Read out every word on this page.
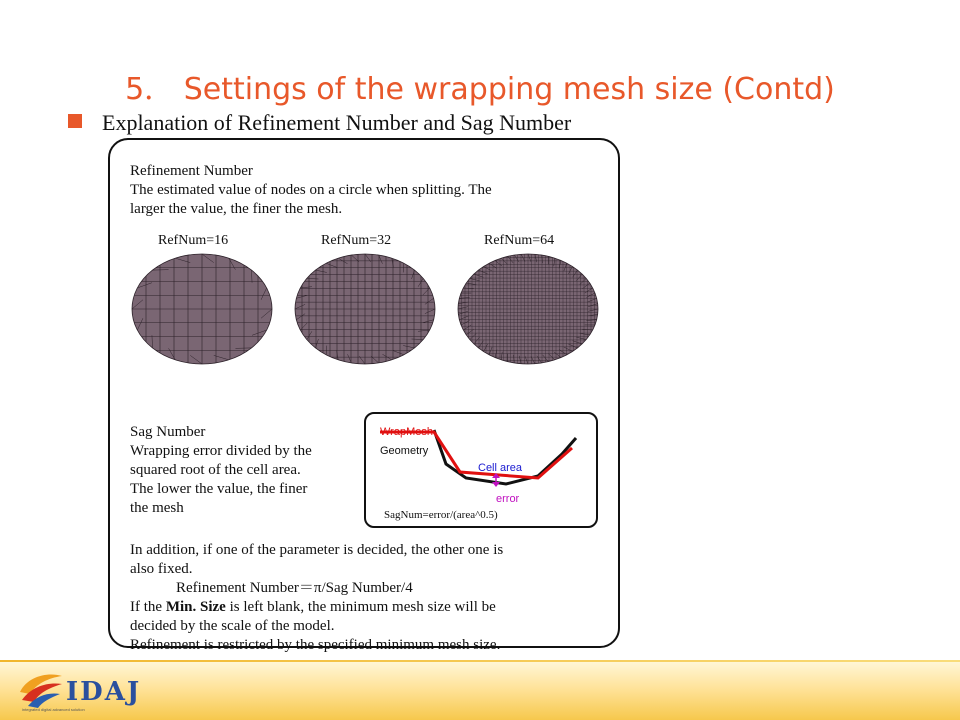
5． Settings of the wrapping mesh size (Contd)
Explanation of Refinement Number and Sag Number
Refinement Number
The estimated value of nodes on a circle when splitting. The
larger the value, the finer the mesh.
RefNum=16	RefNum=32	RefNum=64
Sag Number
Wrapping error divided by the
squared root of the cell area.
The lower the value, the finer
the mesh
WrapMesh
Geometry
Cell area
error
SagNum=error/(area^0.5)
In addition, if one of the parameter is decided, the other one is
also fixed.
Refinement Number＝π/Sag Number/4
If the Min. Size is left blank, the minimum mesh size will be
decided by the scale of the model.
Refinement is restricted by the specified minimum mesh size.
IDAJ
integrated digital advanced solution
